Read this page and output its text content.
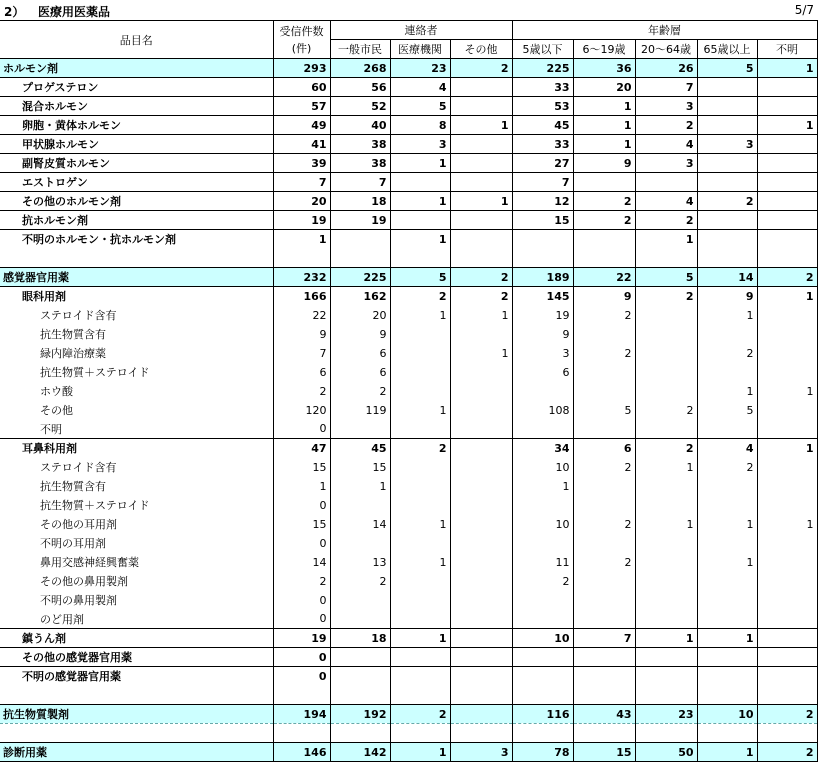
2） 医療用医薬品	5/7
品目名	受信件数
(件)	連絡者			年齢層				
		一般市民	医療機関	その他	5歳以下	6～19歳	20～64歳	65歳以上	不明
ホルモン剤	293	268	23	2	225	36	26	5	1
プロゲステロン	60	56	4		33	20	7		
混合ホルモン	57	52	5		53	1	3		
卵胞・黄体ホルモン	49	40	8	1	45	1	2		1
甲状腺ホルモン	41	38	3		33	1	4	3	
副腎皮質ホルモン	39	38	1		27	9	3		
エストロゲン	7	7			7				
その他のホルモン剤	20	18	1	1	12	2	4	2	
抗ホルモン剤	19	19			15	2	2		
不明のホルモン・抗ホルモン剤	1		1				1		

感覚器官用薬	232	225	5	2	189	22	5	14	2
眼科用剤	166	162	2	2	145	9	2	9	1
ステロイド含有	22	20	1	1	19	2		1	
抗生物質含有	9	9			9				
緑内障治療薬	7	6		1	3	2		2	
抗生物質＋ステロイド	6	6			6				
ホウ酸	2	2						1	1
その他	120	119	1		108	5	2	5	
不明	0								
耳鼻科用剤	47	45	2		34	6	2	4	1
ステロイド含有	15	15			10	2	1	2	
抗生物質含有	1	1			1				
抗生物質＋ステロイド	0								
その他の耳用剤	15	14	1		10	2	1	1	1
不明の耳用剤	0								
鼻用交感神経興奮薬	14	13	1		11	2		1	
その他の鼻用製剤	2	2			2				
不明の鼻用製剤	0								
のど用剤	0								
鎮うん剤	19	18	1		10	7	1	1	
その他の感覚器官用薬	0								
不明の感覚器官用薬	0								

抗生物質製剤	194	192	2		116	43	23	10	2

診断用薬	146	142	1	3	78	15	50	1	2
